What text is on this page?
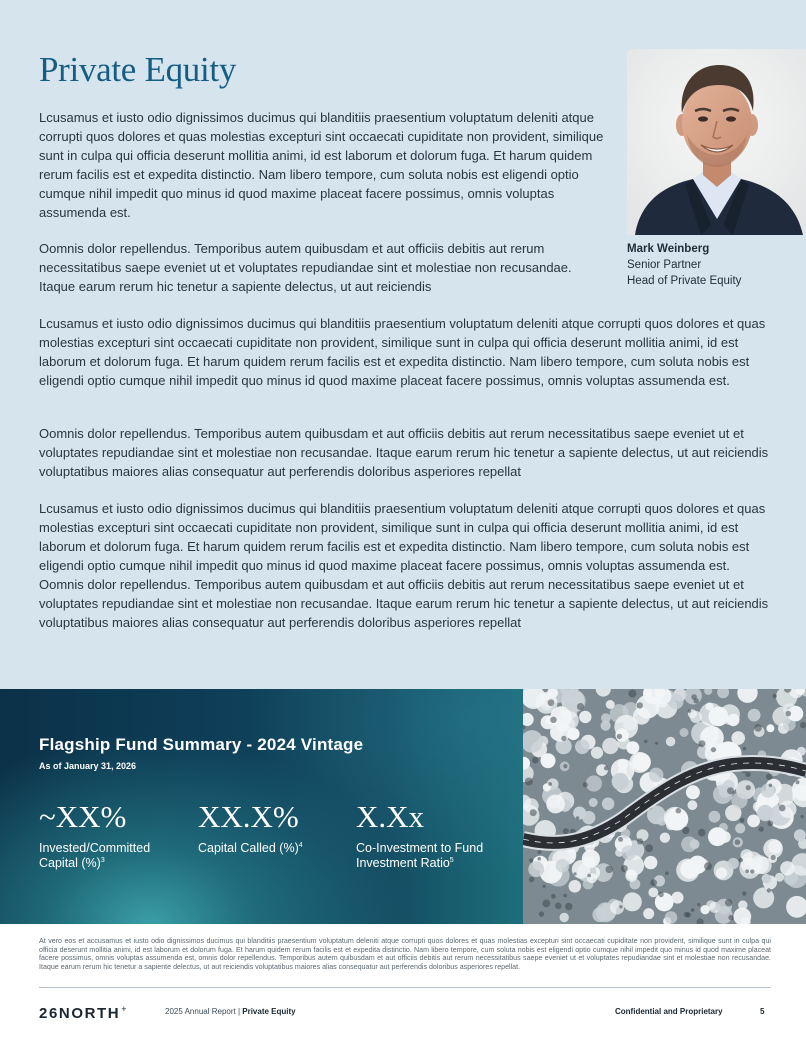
Private Equity

Lcusamus et iusto odio dignissimos ducimus qui blanditiis praesentium voluptatum deleniti atque corrupti quos dolores et quas molestias excepturi sint occaecati cupiditate non provident, similique sunt in culpa qui officia deserunt mollitia animi, id est laborum et dolorum fuga. Et harum quidem rerum facilis est et expedita distinctio. Nam libero tempore, cum soluta nobis est eligendi optio cumque nihil impedit quo minus id quod maxime placeat facere possimus, omnis voluptas assumenda est.

Oomnis dolor repellendus. Temporibus autem quibusdam et aut officiis debitis aut rerum necessitatibus saepe eveniet ut et voluptates repudiandae sint et molestiae non recusandae. Itaque earum rerum hic tenetur a sapiente delectus, ut aut reiciendis

Lcusamus et iusto odio dignissimos ducimus qui blanditiis praesentium voluptatum deleniti atque corrupti quos dolores et quas molestias excepturi sint occaecati cupiditate non provident, similique sunt in culpa qui officia deserunt mollitia animi, id est laborum et dolorum fuga. Et harum quidem rerum facilis est et expedita distinctio. Nam libero tempore, cum soluta nobis est eligendi optio cumque nihil impedit quo minus id quod maxime placeat facere possimus, omnis voluptas assumenda est.

Oomnis dolor repellendus. Temporibus autem quibusdam et aut officiis debitis aut rerum necessitatibus saepe eveniet ut et voluptates repudiandae sint et molestiae non recusandae. Itaque earum rerum hic tenetur a sapiente delectus, ut aut reiciendis voluptatibus maiores alias consequatur aut perferendis doloribus asperiores repellat

Lcusamus et iusto odio dignissimos ducimus qui blanditiis praesentium voluptatum deleniti atque corrupti quos dolores et quas molestias excepturi sint occaecati cupiditate non provident, similique sunt in culpa qui officia deserunt mollitia animi, id est laborum et dolorum fuga. Et harum quidem rerum facilis est et expedita distinctio. Nam libero tempore, cum soluta nobis est eligendi optio cumque nihil impedit quo minus id quod maxime placeat facere possimus, omnis voluptas assumenda est. Oomnis dolor repellendus. Temporibus autem quibusdam et aut officiis debitis aut rerum necessitatibus saepe eveniet ut et voluptates repudiandae sint et molestiae non recusandae. Itaque earum rerum hic tenetur a sapiente delectus, ut aut reiciendis voluptatibus maiores alias consequatur aut perferendis doloribus asperiores repellat

Mark Weinberg
Senior Partner
Head of Private Equity
Flagship Fund Summary - 2024 Vintage
As of January 31, 2026
~XX%
Invested/Committed
Capital (%)$^3$
XX.X%
Capital Called (%)$^4$
X.Xx
Co-Investment to Fund
Investment Ratio$^5$

At vero eos et accusamus et iusto odio dignissimos ducimus qui blanditiis praesentium voluptatum deleniti atque corrupti quos dolores et quas molestias excepturi sint occaecati cupiditate non provident, similique sunt in culpa qui officia deserunt mollitia animi, id est laborum et dolorum fuga. Et harum quidem rerum facilis est et expedita distinctio. Nam libero tempore, cum soluta nobis est eligendi optio cumque nihil impedit quo minus id quod maxime placeat facere possimus, omnis voluptas assumenda est, omnis dolor repellendus. Temporibus autem quibusdam et aut officiis debitis aut rerum necessitatibus saepe eveniet ut et voluptates repudiandae sint et molestiae non recusandae. Itaque earum rerum hic tenetur a sapiente delectus, ut aut reiciendis voluptatibus maiores alias consequatur aut perferendis doloribus asperiores repellat.

26NORTH+	2025 Annual Report | Private Equity	Confidential and Proprietary	5
